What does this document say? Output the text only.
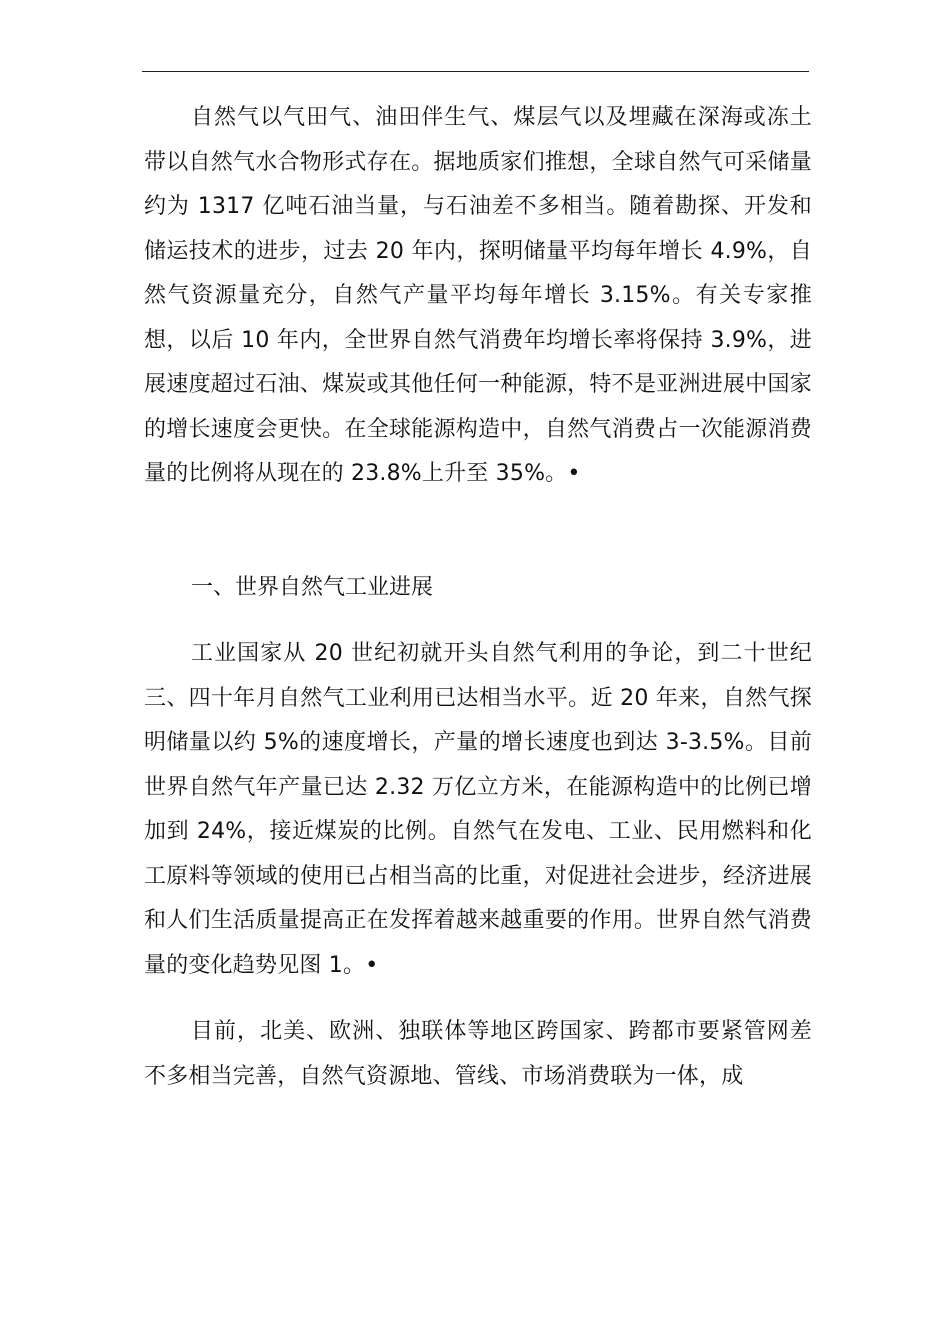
自然气以气田气、油田伴生气、煤层气以及埋藏在深海或冻土带以自然气水合物形式存在。据地质家们推想，全球自然气可采储量约为 1317 亿吨石油当量，与石油差不多相当。随着勘探、开发和储运技术的进步，过去 20 年内，探明储量平均每年增长 4.9%，自然气资源量充分，自然气产量平均每年增长 3.15%。有关专家推想，以后 10 年内，全世界自然气消费年均增长率将保持 3.9%，进展速度超过石油、煤炭或其他任何一种能源，特不是亚洲进展中国家的增长速度会更快。在全球能源构造中，自然气消费占一次能源消费量的比例将从现在的 23.8%上升至 35%。•

一、世界自然气工业进展

工业国家从 20 世纪初就开头自然气利用的争论，到二十世纪三、四十年月自然气工业利用已达相当水平。近 20 年来，自然气探明储量以约 5%的速度增长，产量的增长速度也到达 3-3.5%。目前世界自然气年产量已达 2.32 万亿立方米，在能源构造中的比例已增加到 24%，接近煤炭的比例。自然气在发电、工业、民用燃料和化工原料等领域的使用已占相当高的比重，对促进社会进步，经济进展和人们生活质量提高正在发挥着越来越重要的作用。世界自然气消费量的变化趋势见图 1。•

目前，北美、欧洲、独联体等地区跨国家、跨都市要紧管网差不多相当完善，自然气资源地、管线、市场消费联为一体，成
